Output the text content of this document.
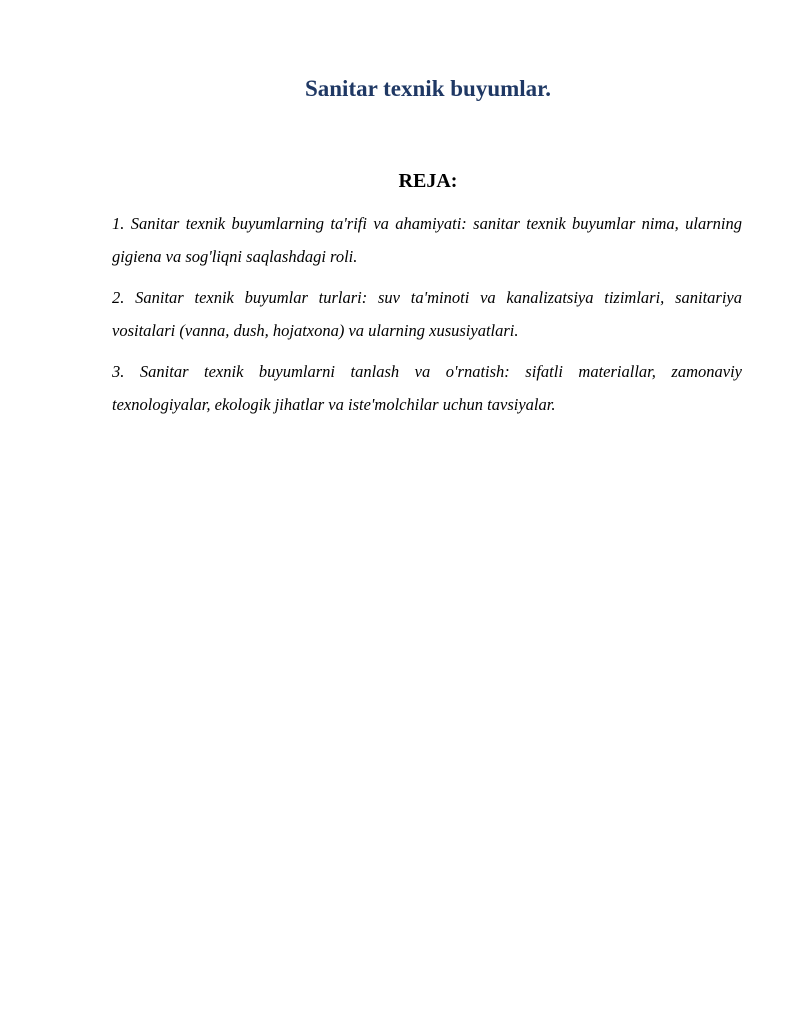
Sanitar texnik buyumlar.
REJA:
1. Sanitar texnik buyumlarning ta'rifi va ahamiyati: sanitar texnik buyumlar nima, ularning gigiena va sog'liqni saqlashdagi roli.
2. Sanitar texnik buyumlar turlari: suv ta'minoti va kanalizatsiya tizimlari, sanitariya vositalari (vanna, dush, hojatxona) va ularning xususiyatlari.
3. Sanitar texnik buyumlarni tanlash va o'rnatish: sifatli materiallar, zamonaviy texnologiyalar, ekologik jihatlar va iste'molchilar uchun tavsiyalar.
